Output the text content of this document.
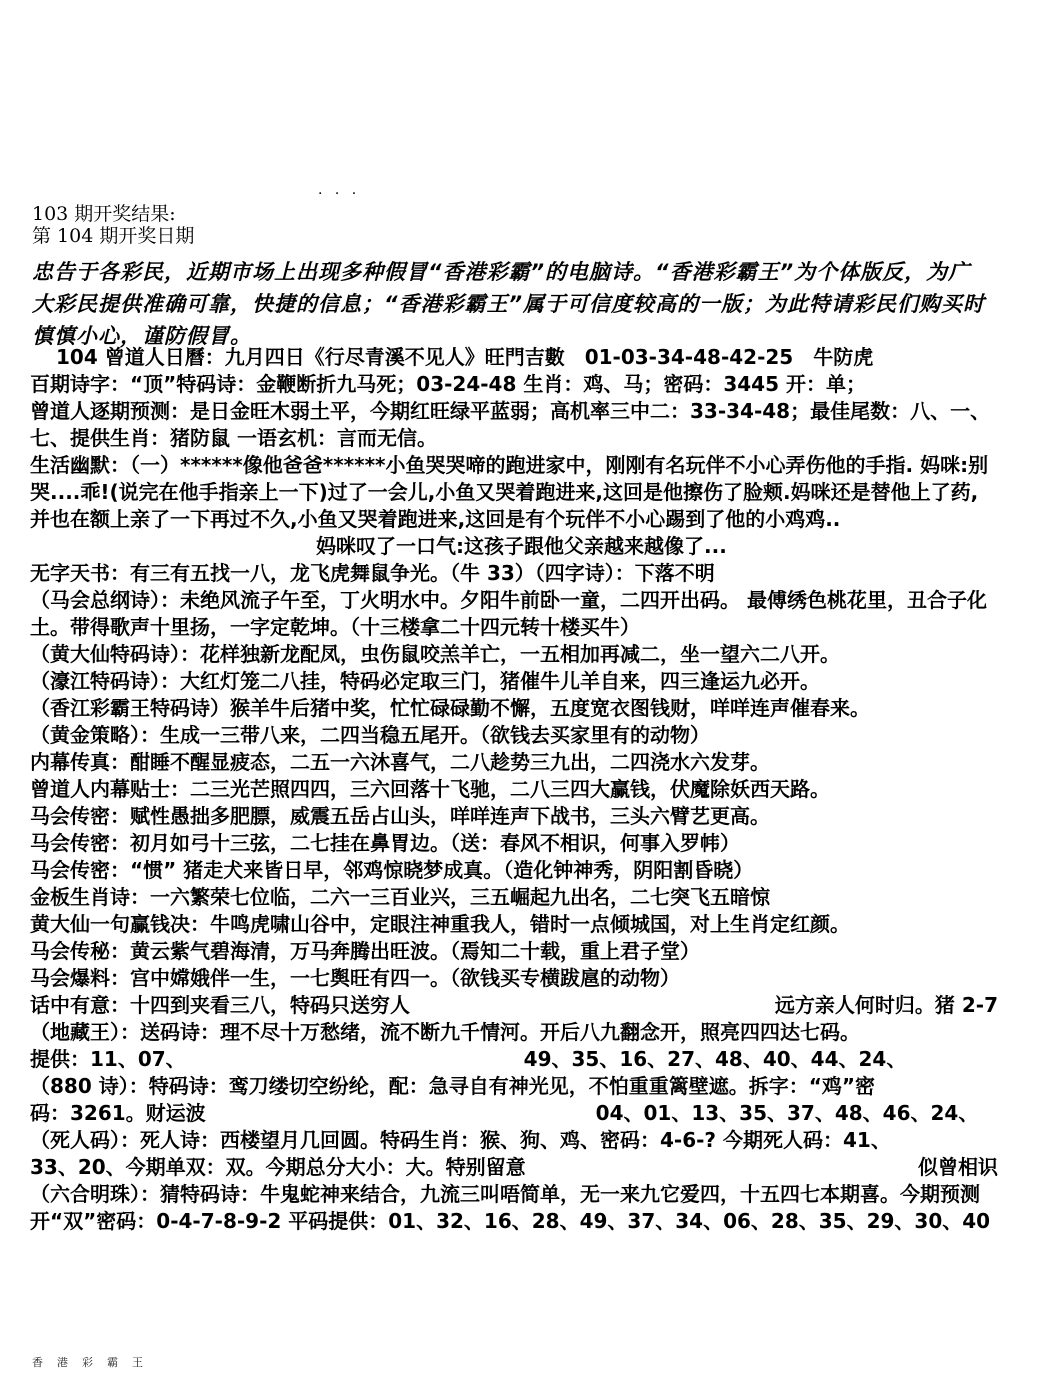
· · ·
103 期开奖结果:
第 104 期开奖日期
忠告于各彩民，近期市场上出现多种假冒“香港彩霸”的电脑诗。“香港彩霸王”为个体版反，为广大彩民提供准确可靠，快捷的信息；“香港彩霸王”属于可信度较高的一版；为此特请彩民们购买时慎慎小心，谨防假冒。
104 曾道人日曆：九月四日《行尽青溪不见人》旺門吉數　01-03-34-48-42-25　牛防虎
百期诗字：“顶”特码诗：金鞭断折九马死；03-24-48 生肖：鸡、马；密码：3445 开：单；
曾道人逐期预测：是日金旺木弱土平，今期红旺绿平蓝弱；高机率三中二：33-34-48；最佳尾数：八、一、七、提供生肖：猪防鼠 一语玄机：言而无信。
生活幽默：（一）******像他爸爸******小鱼哭哭啼的跑进家中，刚刚有名玩伴不小心弄伤他的手指. 妈咪:别哭....乖!(说完在他手指亲上一下)过了一会儿,小鱼又哭着跑进来,这回是他擦伤了脸颊.妈咪还是替他上了药,并也在额上亲了一下再过不久,小鱼又哭着跑进来,这回是有个玩伴不小心踢到了他的小鸡鸡..妈咪叹了一口气:这孩子跟他父亲越来越像了...
无字天书：有三有五找一八，龙飞虎舞鼠争光。（牛 33）（四字诗）：下落不明
（马会总纲诗）：未绝风流子午至，丁火明水中。夕阳牛前卧一童，二四开出码。 最傅绣色桃花里，丑合子化土。带得歌声十里扬，一字定乾坤。（十三楼拿二十四元转十楼买牛）
（黄大仙特码诗）：花样独新龙配凤，虫伤鼠咬羔羊亡，一五相加再减二，坐一望六二八开。
（濠江特码诗）：大红灯笼二八挂，特码必定取三门，猪催牛儿羊自来，四三逢运九必开。
（香江彩霸王特码诗）猴羊牛后猪中奖，忙忙碌碌勤不懈，五度宽衣图钱财，咩咩连声催春来。
（黄金策略）：生成一三带八来，二四当稳五尾开。（欲钱去买家里有的动物）
内幕传真：酣睡不醒显疲态，二五一六沐喜气，二八趁势三九出，二四浇水六发芽。
曾道人内幕贴士：二三光芒照四四，三六回落十飞驰，二八三四大赢钱，伏魔除妖西天路。
马会传密：赋性愚拙多肥膘，威震五岳占山头，咩咩连声下战书，三头六臂艺更高。
马会传密：初月如弓十三弦，二七挂在鼻胃边。（送：春风不相识，何事入罗帏）
马会传密：“惯” 猪走犬来皆日早，邻鸡惊晓梦成真。（造化钟神秀，阴阳割昏晓）
金板生肖诗：一六繁荣七位临，二六一三百业兴，三五崛起九出名，二七突飞五暗惊
黄大仙一句赢钱决：牛鸣虎啸山谷中，定眼注神重我人，错时一点倾城国，对上生肖定红颜。
马会传秘：黄云紫气碧海清，万马奔腾出旺波。（焉知二十载，重上君子堂）
马会爆料：宫中嫦娥伴一生，一七舆旺有四一。（欲钱买专横跋扈的动物）
话中有意：十四到夹看三八，特码只送穷人	远方亲人何时归。猪 2-7
（地藏王）：送码诗：理不尽十万愁绪，流不断九千情河。开后八九翻念开，照亮四四达七码。
提供：11、07、	49、35、16、27、48、40、44、24、
（880 诗）：特码诗：鸾刀缕切空纷纶，配：急寻自有神光见，不怕重重篱壁遮。拆字：“鸡”密
码：3261。财运波	04、01、13、35、37、48、46、24、
（死人码）：死人诗：西楼望月几回圆。特码生肖：猴、狗、鸡、密码：4-6-? 今期死人码：41、
33、20、今期单双：双。今期总分大小：大。特别留意	似曾相识
（六合明珠）：猜特码诗：牛鬼蛇神来结合，九流三叫唔简单，无一来九它爱四，十五四七本期喜。今期预测开“双”密码：0-4-7-8-9-2 平码提供：01、32、16、28、49、37、34、06、28、35、29、30、40
香港彩霸王
